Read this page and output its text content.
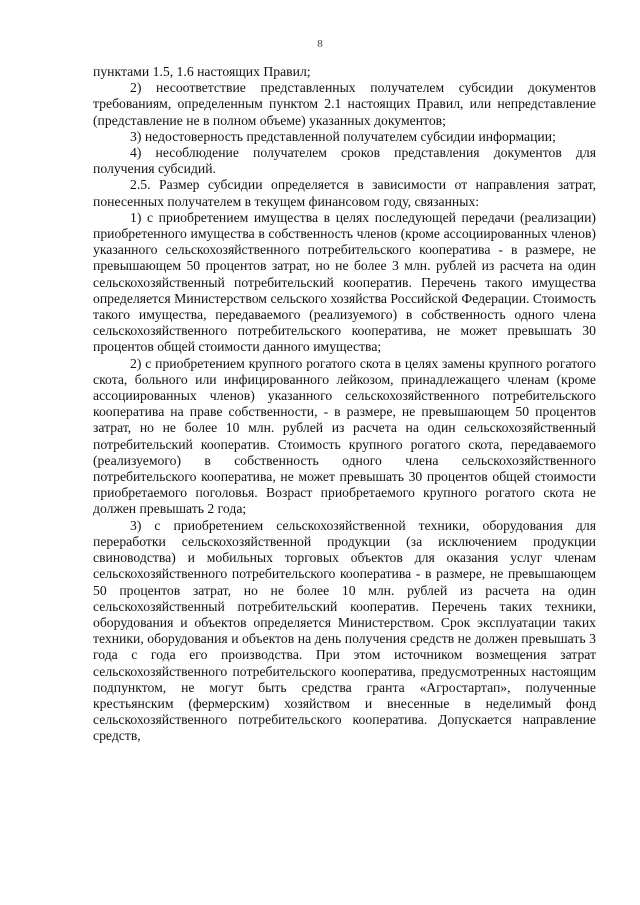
8

пунктами 1.5, 1.6 настоящих Правил;

2) несоответствие представленных получателем субсидии документов требованиям, определенным пунктом 2.1 настоящих Правил, или непредставление (представление не в полном объеме) указанных документов;

3) недостоверность представленной получателем субсидии информации;

4) несоблюдение получателем сроков представления документов для получения субсидий.

2.5. Размер субсидии определяется в зависимости от направления затрат, понесенных получателем в текущем финансовом году, связанных:

1) с приобретением имущества в целях последующей передачи (реализации) приобретенного имущества в собственность членов (кроме ассоциированных членов) указанного сельскохозяйственного потребительского кооператива - в размере, не превышающем 50 процентов затрат, но не более 3 млн. рублей из расчета на один сельскохозяйственный потребительский кооператив. Перечень такого имущества определяется Министерством сельского хозяйства Российской Федерации. Стоимость такого имущества, передаваемого (реализуемого) в собственность одного члена сельскохозяйственного потребительского кооператива, не может превышать 30 процентов общей стоимости данного имущества;

2) с приобретением крупного рогатого скота в целях замены крупного рогатого скота, больного или инфицированного лейкозом, принадлежащего членам (кроме ассоциированных членов) указанного сельскохозяйственного потребительского кооператива на праве собственности, - в размере, не превышающем 50 процентов затрат, но не более 10 млн. рублей из расчета на один сельскохозяйственный потребительский кооператив. Стоимость крупного рогатого скота, передаваемого (реализуемого) в собственность одного члена сельскохозяйственного потребительского кооператива, не может превышать 30 процентов общей стоимости приобретаемого поголовья. Возраст приобретаемого крупного рогатого скота не должен превышать 2 года;

3) с приобретением сельскохозяйственной техники, оборудования для переработки сельскохозяйственной продукции (за исключением продукции свиноводства) и мобильных торговых объектов для оказания услуг членам сельскохозяйственного потребительского кооператива - в размере, не превышающем 50 процентов затрат, но не более 10 млн. рублей из расчета на один сельскохозяйственный потребительский кооператив. Перечень таких техники, оборудования и объектов определяется Министерством. Срок эксплуатации таких техники, оборудования и объектов на день получения средств не должен превышать 3 года с года его производства. При этом источником возмещения затрат сельскохозяйственного потребительского кооператива, предусмотренных настоящим подпунктом, не могут быть средства гранта «Агростартап», полученные крестьянским (фермерским) хозяйством и внесенные в неделимый фонд сельскохозяйственного потребительского кооператива. Допускается направление средств,
